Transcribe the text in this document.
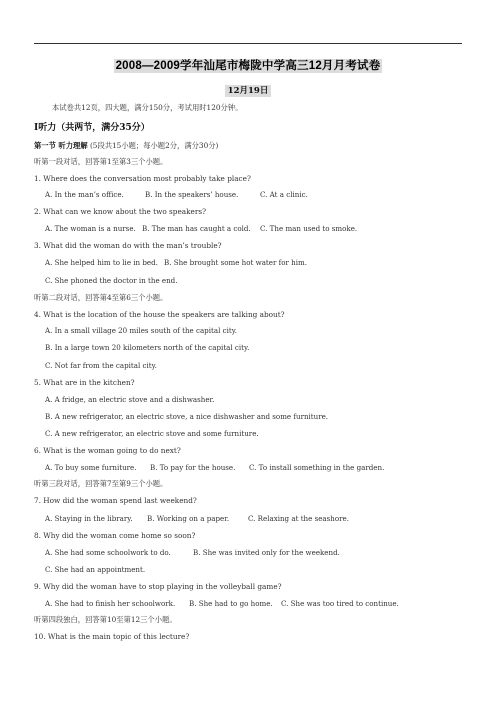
2008—2009学年汕尾市梅陇中学高三12月月考试卷
12月19日
本试卷共12页，四大题，满分150分，考试用时120分钟。
Ⅰ听力（共两节，满分35分）
第一节 听力理解 (5段共15小题；每小题2分，满分30分)
听第一段对话，回答第1至第3三个小题。
1. Where does the conversation most probably take place?
A. In the man’s office.	B. In the speakers’ house.	C. At a clinic.
2. What can we know about the two speakers?
A. The woman is a nurse. B. The man has caught a cold. C. The man used to smoke.
3. What did the woman do with the man’s trouble?
A. She helped him to lie in bed. B. She brought some hot water for him.
C. She phoned the doctor in the end.
听第二段对话，回答第4至第6三个小题。
4. What is the location of the house the speakers are talking about?
A. In a small village 20 miles south of the capital city.
B. In a large town 20 kilometers north of the capital city.
C. Not far from the capital city.
5. What are in the kitchen?
A. A fridge, an electric stove and a dishwasher.
B. A new refrigerator, an electric stove, a nice dishwasher and some furniture.
C. A new refrigerator, an electric stove and some furniture.
6. What is the woman going to do next?
A. To buy some furniture. B. To pay for the house. C. To install something in the garden.
听第三段对话，回答第7至第9三个小题。
7. How did the woman spend last weekend?
A. Staying in the library. B. Working on a paper.	C. Relaxing at the seashore.
8. Why did the woman come home so soon?
A. She had some schoolwork to do.	B. She was invited only for the weekend.
C. She had an appointment.
9. Why did the woman have to stop playing in the volleyball game?
A. She had to finish her schoolwork. B. She had to go home. C. She was too tired to continue.
听第四段独白，回答第10至第12三个小题。
10. What is the main topic of this lecture?
